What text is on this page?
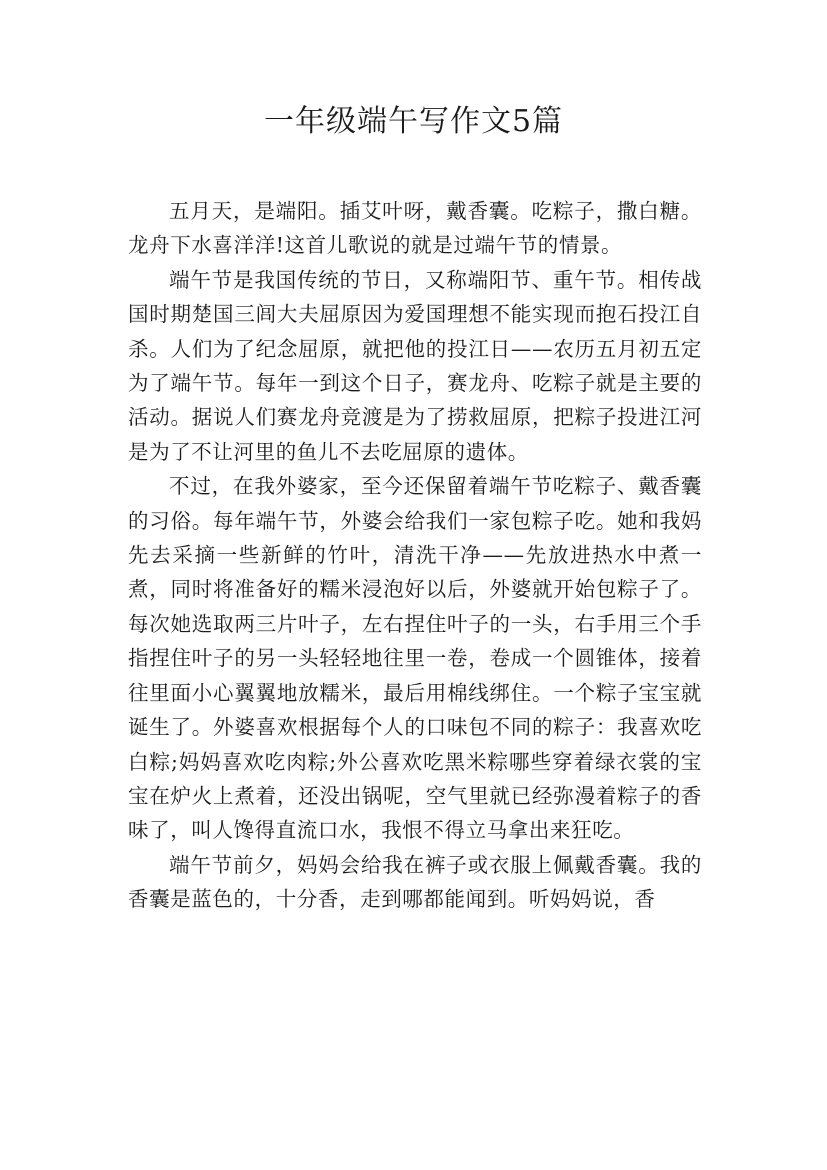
一年级端午写作文5篇

五月天，是端阳。插艾叶呀，戴香囊。吃粽子，撒白糖。龙舟下水喜洋洋!这首儿歌说的就是过端午节的情景。

端午节是我国传统的节日，又称端阳节、重午节。相传战国时期楚国三闾大夫屈原因为爱国理想不能实现而抱石投江自杀。人们为了纪念屈原，就把他的投江日——农历五月初五定为了端午节。每年一到这个日子，赛龙舟、吃粽子就是主要的活动。据说人们赛龙舟竞渡是为了捞救屈原，把粽子投进江河是为了不让河里的鱼儿不去吃屈原的遗体。

不过，在我外婆家，至今还保留着端午节吃粽子、戴香囊的习俗。每年端午节，外婆会给我们一家包粽子吃。她和我妈先去采摘一些新鲜的竹叶，清洗干净——先放进热水中煮一煮，同时将准备好的糯米浸泡好以后，外婆就开始包粽子了。每次她选取两三片叶子，左右捏住叶子的一头，右手用三个手指捏住叶子的另一头轻轻地往里一卷，卷成一个圆锥体，接着往里面小心翼翼地放糯米，最后用棉线绑住。一个粽子宝宝就诞生了。外婆喜欢根据每个人的口味包不同的粽子：我喜欢吃白粽;妈妈喜欢吃肉粽;外公喜欢吃黑米粽哪些穿着绿衣裳的宝宝在炉火上煮着，还没出锅呢，空气里就已经弥漫着粽子的香味了，叫人馋得直流口水，我恨不得立马拿出来狂吃。

端午节前夕，妈妈会给我在裤子或衣服上佩戴香囊。我的香囊是蓝色的，十分香，走到哪都能闻到。听妈妈说，香
